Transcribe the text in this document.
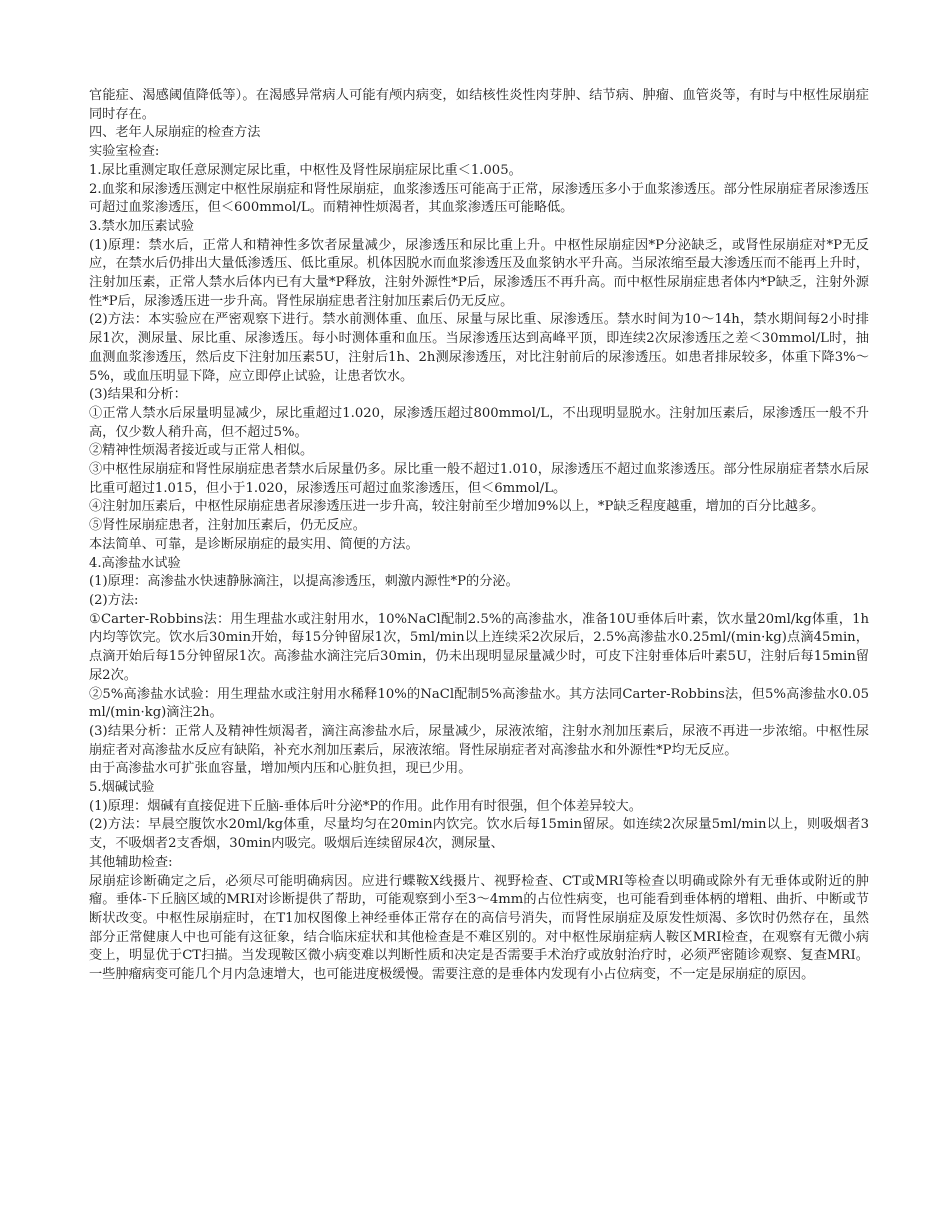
官能症、渴感阈值降低等）。在渴感异常病人可能有颅内病变，如结核性炎性肉芽肿、结节病、肿瘤、血管炎等，有时与中枢性尿崩症同时存在。

四、老年人尿崩症的检查方法

实验室检查:

1.尿比重测定取任意尿测定尿比重，中枢性及肾性尿崩症尿比重＜1.005。

2.血浆和尿渗透压测定中枢性尿崩症和肾性尿崩症，血浆渗透压可能高于正常，尿渗透压多小于血浆渗透压。部分性尿崩症者尿渗透压可超过血浆渗透压，但＜600mmol/L。而精神性烦渴者，其血浆渗透压可能略低。

3.禁水加压素试验

(1)原理：禁水后，正常人和精神性多饮者尿量减少，尿渗透压和尿比重上升。中枢性尿崩症因*P分泌缺乏，或肾性尿崩症对*P无反应，在禁水后仍排出大量低渗透压、低比重尿。机体因脱水而血浆渗透压及血浆钠水平升高。当尿浓缩至最大渗透压而不能再上升时，注射加压素，正常人禁水后体内已有大量*P释放，注射外源性*P后，尿渗透压不再升高。而中枢性尿崩症患者体内*P缺乏，注射外源性*P后，尿渗透压进一步升高。肾性尿崩症患者注射加压素后仍无反应。

(2)方法：本实验应在严密观察下进行。禁水前测体重、血压、尿量与尿比重、尿渗透压。禁水时间为10～14h，禁水期间每2小时排尿1次，测尿量、尿比重、尿渗透压。每小时测体重和血压。当尿渗透压达到高峰平顶，即连续2次尿渗透压之差＜30mmol/L时，抽血测血浆渗透压，然后皮下注射加压素5U，注射后1h、2h测尿渗透压，对比注射前后的尿渗透压。如患者排尿较多，体重下降3%～5%，或血压明显下降，应立即停止试验，让患者饮水。

(3)结果和分析：

①正常人禁水后尿量明显减少，尿比重超过1.020，尿渗透压超过800mmol/L，不出现明显脱水。注射加压素后，尿渗透压一般不升高，仅少数人稍升高，但不超过5%。

②精神性烦渴者接近或与正常人相似。

③中枢性尿崩症和肾性尿崩症患者禁水后尿量仍多。尿比重一般不超过1.010，尿渗透压不超过血浆渗透压。部分性尿崩症者禁水后尿比重可超过1.015，但小于1.020，尿渗透压可超过血浆渗透压，但＜6mmol/L。

④注射加压素后，中枢性尿崩症患者尿渗透压进一步升高，较注射前至少增加9%以上，*P缺乏程度越重，增加的百分比越多。

⑤肾性尿崩症患者，注射加压素后，仍无反应。

本法简单、可靠，是诊断尿崩症的最实用、简便的方法。

4.高渗盐水试验

(1)原理：高渗盐水快速静脉滴注，以提高渗透压，刺激内源性*P的分泌。

(2)方法:

①Carter-Robbins法：用生理盐水或注射用水，10%NaCl配制2.5%的高渗盐水，准备10U垂体后叶素，饮水量20ml/kg体重，1h内均等饮完。饮水后30min开始，每15分钟留尿1次，5ml/min以上连续采2次尿后，2.5%高渗盐水0.25ml/(min·kg)点滴45min，点滴开始后每15分钟留尿1次。高渗盐水滴注完后30min，仍未出现明显尿量减少时，可皮下注射垂体后叶素5U，注射后每15min留尿2次。

②5%高渗盐水试验：用生理盐水或注射用水稀释10%的NaCl配制5%高渗盐水。其方法同Carter-Robbins法，但5%高渗盐水0.05ml/(min·kg)滴注2h。

(3)结果分析：正常人及精神性烦渴者，滴注高渗盐水后，尿量减少，尿液浓缩，注射水剂加压素后，尿液不再进一步浓缩。中枢性尿崩症者对高渗盐水反应有缺陷，补充水剂加压素后，尿液浓缩。肾性尿崩症者对高渗盐水和外源性*P均无反应。

由于高渗盐水可扩张血容量，增加颅内压和心脏负担，现已少用。

5.烟碱试验

(1)原理：烟碱有直接促进下丘脑-垂体后叶分泌*P的作用。此作用有时很强，但个体差异较大。

(2)方法：早晨空腹饮水20ml/kg体重，尽量均匀在20min内饮完。饮水后每15min留尿。如连续2次尿量5ml/min以上，则吸烟者3支，不吸烟者2支香烟，30min内吸完。吸烟后连续留尿4次，测尿量、

其他辅助检查:

尿崩症诊断确定之后，必须尽可能明确病因。应进行蝶鞍X线摄片、视野检查、CT或MRI等检查以明确或除外有无垂体或附近的肿瘤。垂体-下丘脑区域的MRI对诊断提供了帮助，可能观察到小至3～4mm的占位性病变，也可能看到垂体柄的增粗、曲折、中断或节断状改变。中枢性尿崩症时，在T1加权图像上神经垂体正常存在的高信号消失，而肾性尿崩症及原发性烦渴、多饮时仍然存在，虽然部分正常健康人中也可能有这征象，结合临床症状和其他检查是不难区别的。对中枢性尿崩症病人鞍区MRI检查，在观察有无微小病变上，明显优于CT扫描。当发现鞍区微小病变难以判断性质和决定是否需要手术治疗或放射治疗时，必须严密随诊观察、复查MRI。一些肿瘤病变可能几个月内急速增大，也可能进度极缓慢。需要注意的是垂体内发现有小占位病变，不一定是尿崩症的原因。
